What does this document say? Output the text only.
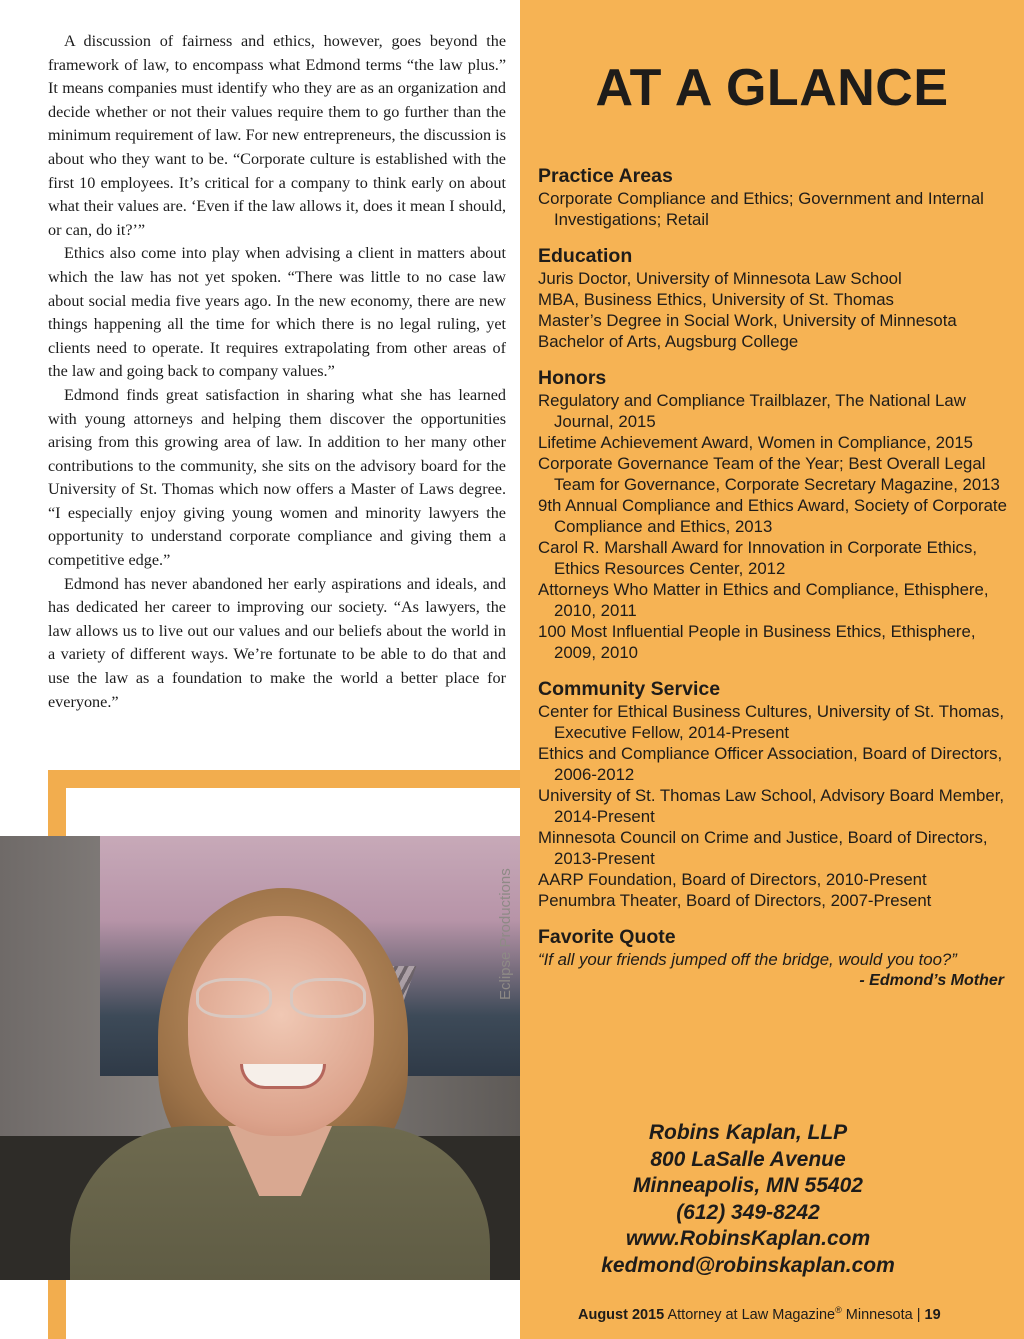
A discussion of fairness and ethics, however, goes beyond the framework of law, to encompass what Edmond terms “the law plus.” It means companies must identify who they are as an organization and decide whether or not their values require them to go further than the minimum requirement of law. For new entrepreneurs, the discussion is about who they want to be. “Corporate culture is established with the first 10 employees. It’s critical for a company to think early on about what their values are. ‘Even if the law allows it, does it mean I should, or can, do it?’”

Ethics also come into play when advising a client in matters about which the law has not yet spoken. “There was little to no case law about social media five years ago. In the new economy, there are new things happening all the time for which there is no legal ruling, yet clients need to operate. It requires extrapolating from other areas of the law and going back to company values.”

Edmond finds great satisfaction in sharing what she has learned with young attorneys and helping them discover the opportunities arising from this growing area of law. In addition to her many other contributions to the community, she sits on the advisory board for the University of St. Thomas which now offers a Master of Laws degree. “I especially enjoy giving young women and minority lawyers the opportunity to understand corporate compliance and giving them a competitive edge.”

Edmond has never abandoned her early aspirations and ideals, and has dedicated her career to improving our society. “As lawyers, the law allows us to live out our values and our beliefs about the world in a variety of different ways. We’re fortunate to be able to do that and use the law as a foundation to make the world a better place for everyone.”

AT A GLANCE
Practice Areas
Corporate Compliance and Ethics; Government and Internal Investigations; Retail
Education
Juris Doctor, University of Minnesota Law School
MBA, Business Ethics, University of St. Thomas
Master’s Degree in Social Work, University of Minnesota
Bachelor of Arts, Augsburg College
Honors
Regulatory and Compliance Trailblazer, The National Law Journal, 2015
Lifetime Achievement Award, Women in Compliance, 2015
Corporate Governance Team of the Year; Best Overall Legal Team for Governance, Corporate Secretary Magazine, 2013
9th Annual Compliance and Ethics Award, Society of Corporate Compliance and Ethics, 2013
Carol R. Marshall Award for Innovation in Corporate Ethics, Ethics Resources Center, 2012
Attorneys Who Matter in Ethics and Compliance, Ethisphere, 2010, 2011
100 Most Influential People in Business Ethics, Ethisphere, 2009, 2010
Community Service
Center for Ethical Business Cultures, University of St. Thomas, Executive Fellow, 2014-Present
Ethics and Compliance Officer Association, Board of Directors, 2006-2012
University of St. Thomas Law School, Advisory Board Member, 2014-Present
Minnesota Council on Crime and Justice, Board of Directors, 2013-Present
AARP Foundation, Board of Directors, 2010-Present
Penumbra Theater, Board of Directors, 2007-Present
Favorite Quote
“If all your friends jumped off the bridge, would you too?”
- Edmond’s Mother
Robins Kaplan, LLP
800 LaSalle Avenue
Minneapolis, MN 55402
(612) 349-8242
www.RobinsKaplan.com
kedmond@robinskaplan.com
August 2015 Attorney at Law Magazine® Minnesota | 19
Eclipse Productions
